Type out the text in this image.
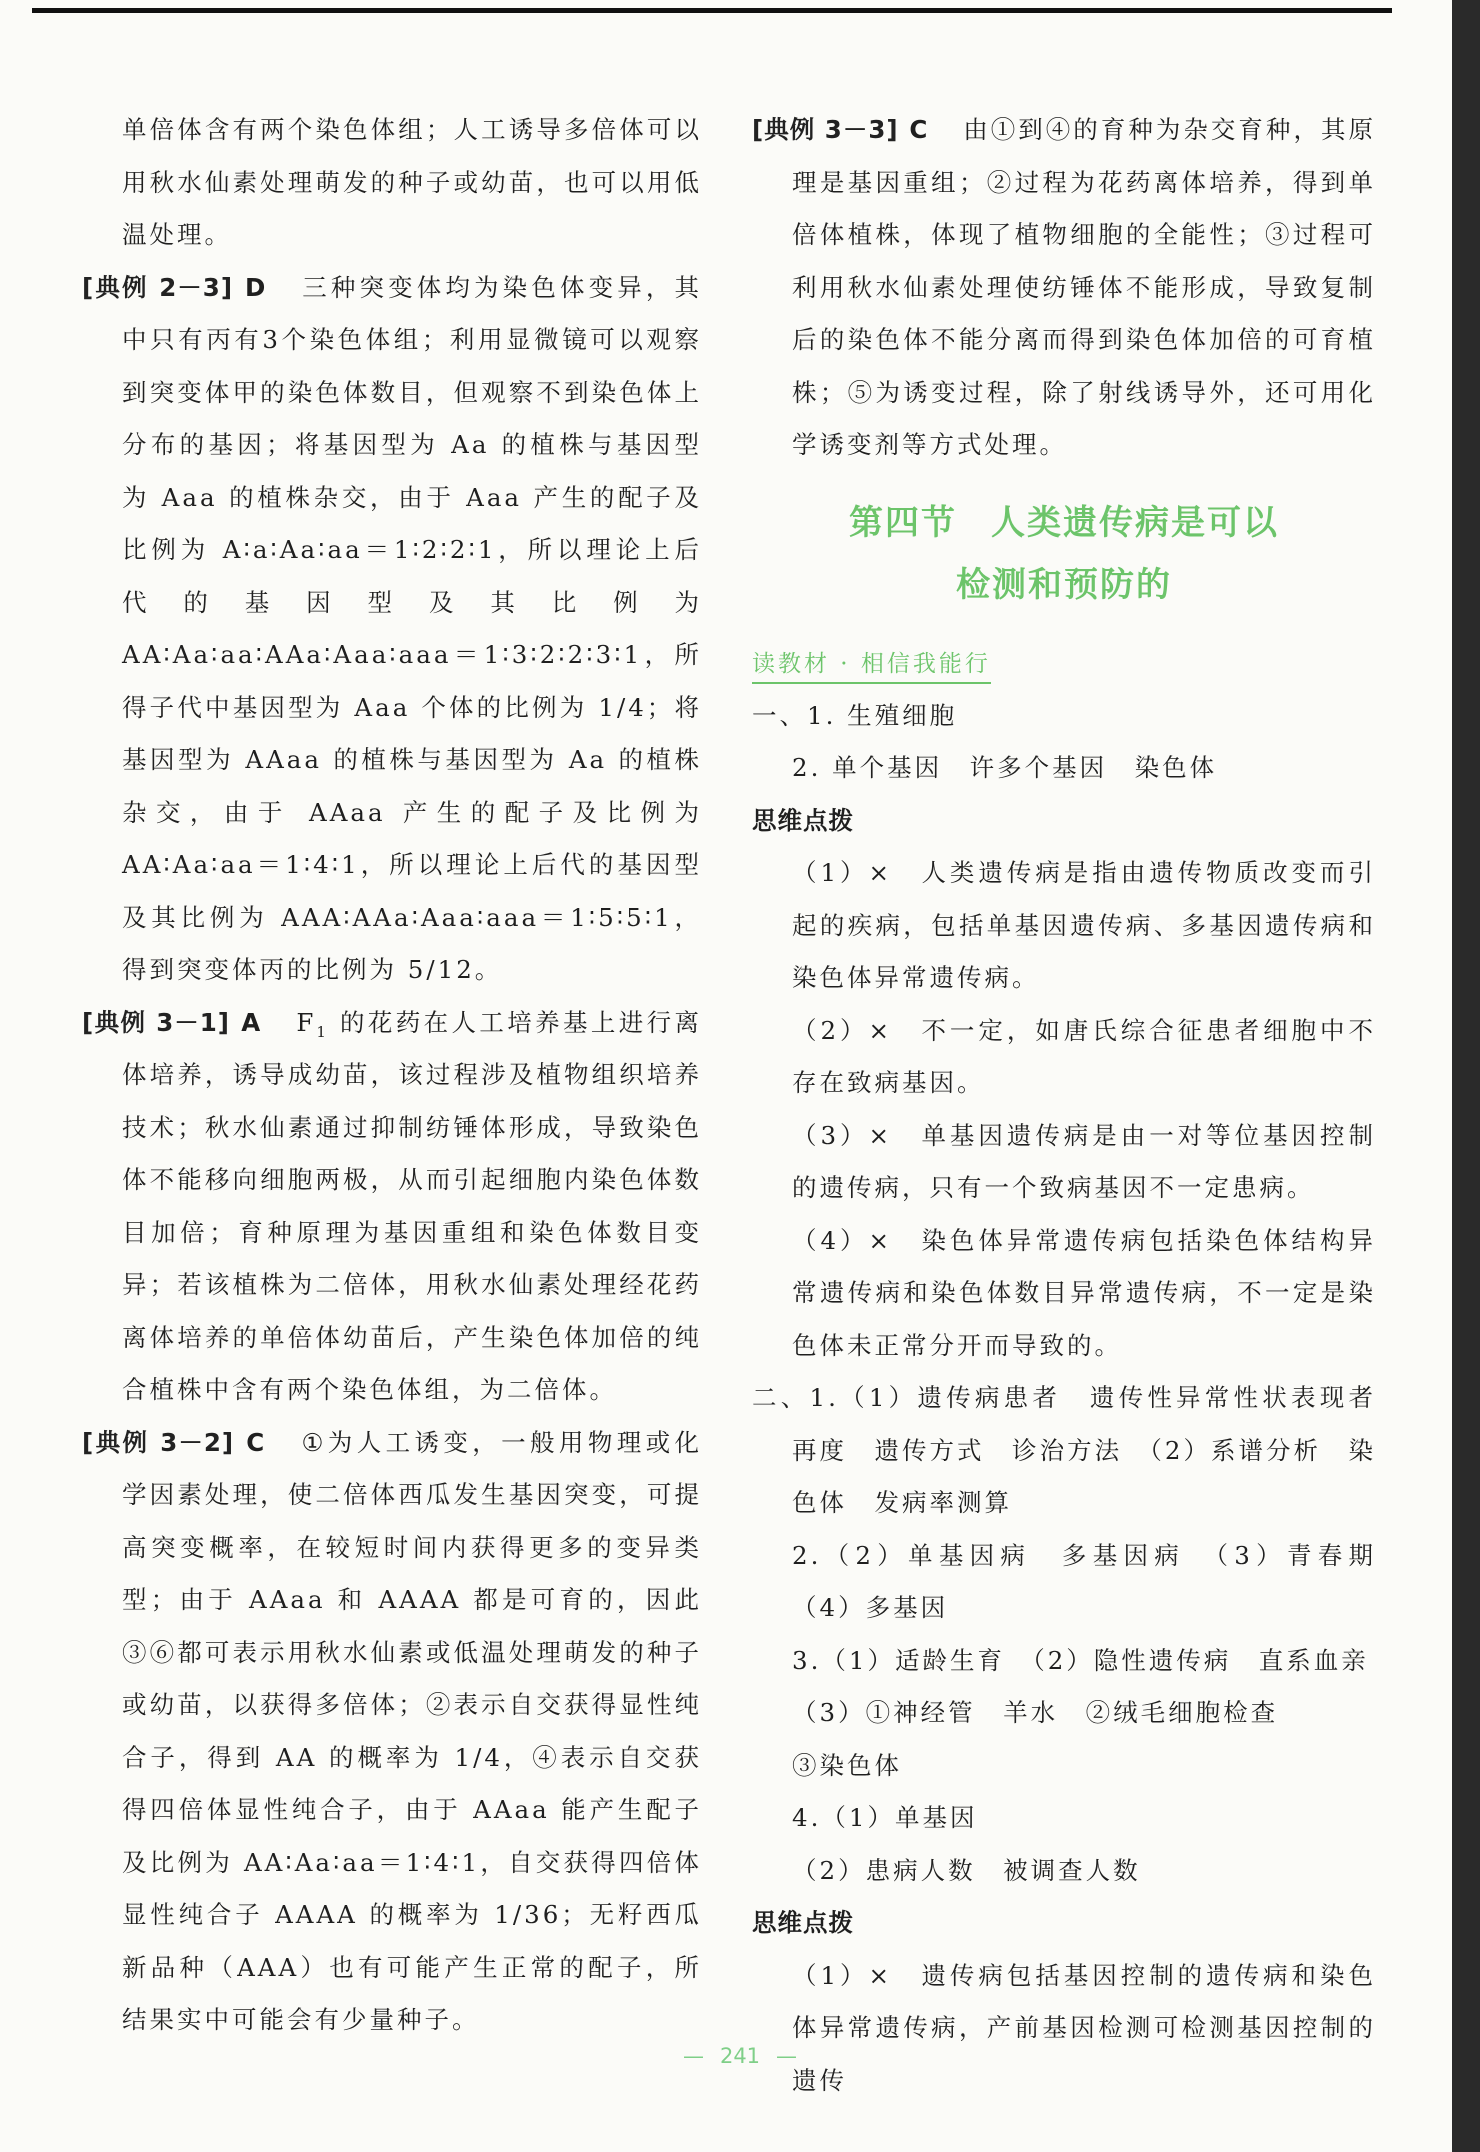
单倍体含有两个染色体组；人工诱导多倍体可以用秋水仙素处理萌发的种子或幼苗，也可以用低温处理。

[典例 2－3] D 三种突变体均为染色体变异，其中只有丙有3个染色体组；利用显微镜可以观察到突变体甲的染色体数目，但观察不到染色体上分布的基因；将基因型为 Aa 的植株与基因型为 Aaa 的植株杂交，由于 Aaa 产生的配子及比例为 A∶a∶Aa∶aa＝1∶2∶2∶1，所以理论上后代的基因型及其比例为 AA∶Aa∶aa∶AAa∶Aaa∶aaa＝1∶3∶2∶2∶3∶1，所得子代中基因型为 Aaa 个体的比例为 1/4；将基因型为 AAaa 的植株与基因型为 Aa 的植株杂交，由于 AAaa 产生的配子及比例为 AA∶Aa∶aa＝1∶4∶1，所以理论上后代的基因型及其比例为 AAA∶AAa∶Aaa∶aaa＝1∶5∶5∶1，得到突变体丙的比例为 5/12。

[典例 3－1] A $F_1$ 的花药在人工培养基上进行离体培养，诱导成幼苗，该过程涉及植物组织培养技术；秋水仙素通过抑制纺锤体形成，导致染色体不能移向细胞两极，从而引起细胞内染色体数目加倍；育种原理为基因重组和染色体数目变异；若该植株为二倍体，用秋水仙素处理经花药离体培养的单倍体幼苗后，产生染色体加倍的纯合植株中含有两个染色体组，为二倍体。

[典例 3－2] C ①为人工诱变，一般用物理或化学因素处理，使二倍体西瓜发生基因突变，可提高突变概率，在较短时间内获得更多的变异类型；由于 AAaa 和 AAAA 都是可育的，因此③⑥都可表示用秋水仙素或低温处理萌发的种子或幼苗，以获得多倍体；②表示自交获得显性纯合子，得到 AA 的概率为 1/4，④表示自交获得四倍体显性纯合子，由于 AAaa 能产生配子及比例为 AA∶Aa∶aa＝1∶4∶1，自交获得四倍体显性纯合子 AAAA 的概率为 1/36；无籽西瓜新品种（AAA）也有可能产生正常的配子，所结果实中可能会有少量种子。

[典例 3－3] C 由①到④的育种为杂交育种，其原理是基因重组；②过程为花药离体培养，得到单倍体植株，体现了植物细胞的全能性；③过程可利用秋水仙素处理使纺锤体不能形成，导致复制后的染色体不能分离而得到染色体加倍的可育植株；⑤为诱变过程，除了射线诱导外，还可用化学诱变剂等方式处理。

第四节 人类遗传病是可以
检测和预防的
读教材 · 相信我能行

一、1. 生殖细胞

2. 单个基因　许多个基因　染色体

思维点拨

（1）×　人类遗传病是指由遗传物质改变而引起的疾病，包括单基因遗传病、多基因遗传病和染色体异常遗传病。

（2）×　不一定，如唐氏综合征患者细胞中不存在致病基因。

（3）×　单基因遗传病是由一对等位基因控制的遗传病，只有一个致病基因不一定患病。

（4）×　染色体异常遗传病包括染色体结构异常遗传病和染色体数目异常遗传病，不一定是染色体未正常分开而导致的。

二、1.（1）遗传病患者　遗传性异常性状表现者　再度　遗传方式　诊治方法　（2）系谱分析　染色体　发病率测算

2.（2）单基因病　多基因病　（3）青春期　（4）多基因

3.（1）适龄生育　（2）隐性遗传病　直系血亲

（3）①神经管　羊水　②绒毛细胞检查

③染色体

4.（1）单基因

（2）患病人数　被调查人数

思维点拨

（1）×　遗传病包括基因控制的遗传病和染色体异常遗传病，产前基因检测可检测基因控制的遗传

— 241 —
